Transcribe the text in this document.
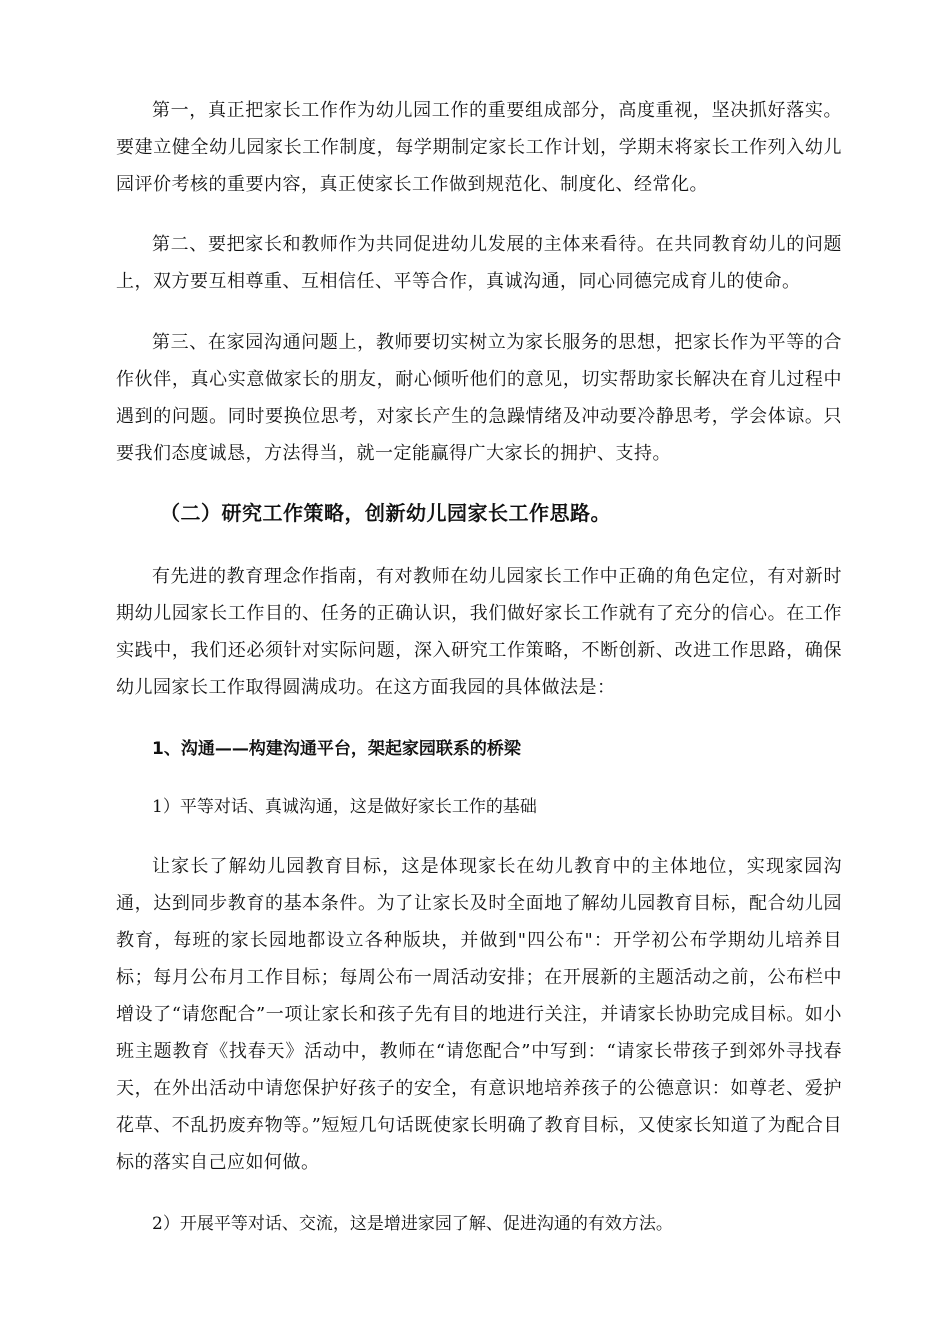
第一，真正把家长工作作为幼儿园工作的重要组成部分，高度重视，坚决抓好落实。要建立健全幼儿园家长工作制度，每学期制定家长工作计划，学期末将家长工作列入幼儿园评价考核的重要内容，真正使家长工作做到规范化、制度化、经常化。

第二、要把家长和教师作为共同促进幼儿发展的主体来看待。在共同教育幼儿的问题上，双方要互相尊重、互相信任、平等合作，真诚沟通，同心同德完成育儿的使命。

第三、在家园沟通问题上，教师要切实树立为家长服务的思想，把家长作为平等的合作伙伴，真心实意做家长的朋友，耐心倾听他们的意见，切实帮助家长解决在育儿过程中遇到的问题。同时要换位思考，对家长产生的急躁情绪及冲动要冷静思考，学会体谅。只要我们态度诚恳，方法得当，就一定能赢得广大家长的拥护、支持。

（二）研究工作策略，创新幼儿园家长工作思路。

有先进的教育理念作指南，有对教师在幼儿园家长工作中正确的角色定位，有对新时期幼儿园家长工作目的、任务的正确认识，我们做好家长工作就有了充分的信心。在工作实践中，我们还必须针对实际问题，深入研究工作策略，不断创新、改进工作思路，确保幼儿园家长工作取得圆满成功。在这方面我园的具体做法是：

1、沟通——构建沟通平台，架起家园联系的桥梁

1）平等对话、真诚沟通，这是做好家长工作的基础

让家长了解幼儿园教育目标，这是体现家长在幼儿教育中的主体地位，实现家园沟通，达到同步教育的基本条件。为了让家长及时全面地了解幼儿园教育目标，配合幼儿园教育，每班的家长园地都设立各种版块，并做到"四公布"：开学初公布学期幼儿培养目标；每月公布月工作目标；每周公布一周活动安排；在开展新的主题活动之前，公布栏中增设了“请您配合”一项让家长和孩子先有目的地进行关注，并请家长协助完成目标。如小班主题教育《找春天》活动中，教师在“请您配合”中写到：“请家长带孩子到郊外寻找春天，在外出活动中请您保护好孩子的安全，有意识地培养孩子的公德意识：如尊老、爱护花草、不乱扔废弃物等。”短短几句话既使家长明确了教育目标，又使家长知道了为配合目标的落实自己应如何做。

2）开展平等对话、交流，这是增进家园了解、促进沟通的有效方法。
